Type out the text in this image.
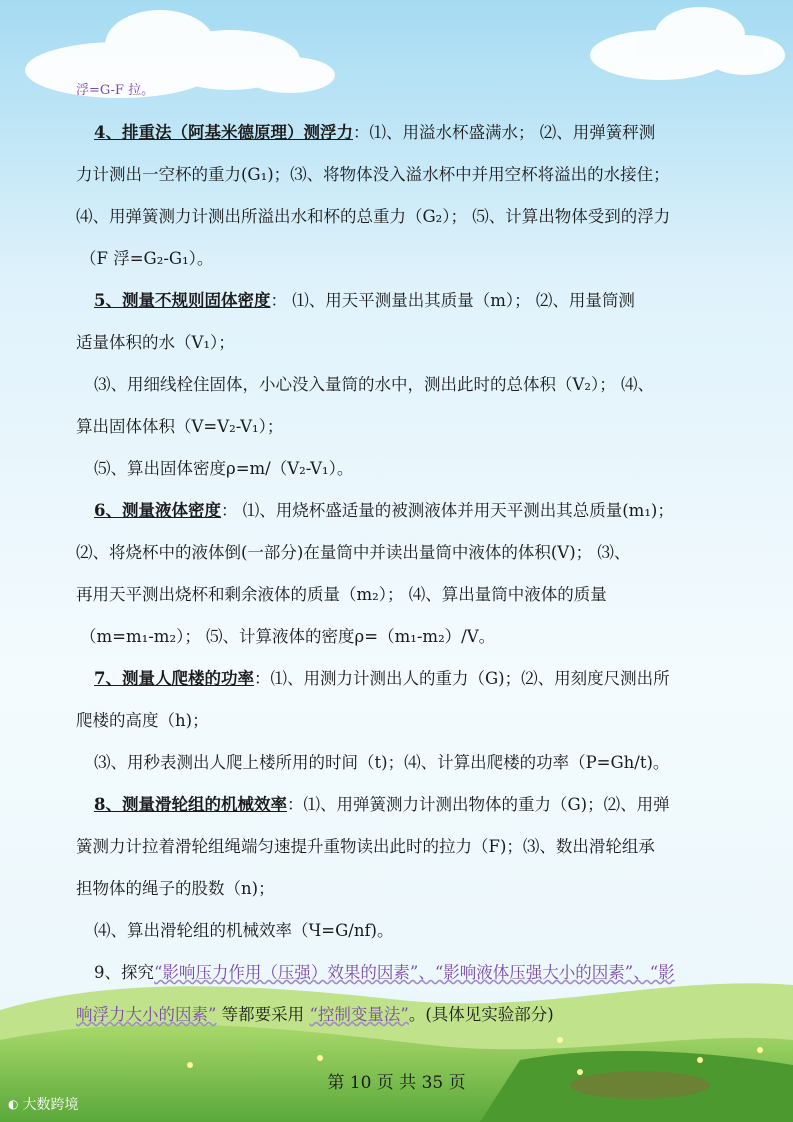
浮=G-F 拉。
4、排重法（阿基米德原理）测浮力：⑴、用溢水杯盛满水； ⑵、用弹簧秤测
力计测出一空杯的重力(G₁)；⑶、将物体没入溢水杯中并用空杯将溢出的水接住；
⑷、用弹簧测力计测出所溢出水和杯的总重力（G₂）； ⑸、计算出物体受到的浮力
（F 浮=G₂-G₁）。
5、测量不规则固体密度： ⑴、用天平测量出其质量（m）； ⑵、用量筒测
适量体积的水（V₁）；
⑶、用细线栓住固体，小心没入量筒的水中，测出此时的总体积（V₂）； ⑷、
算出固体体积（V=V₂-V₁）；
⑸、算出固体密度ρ=m/（V₂-V₁）。
6、测量液体密度： ⑴、用烧杯盛适量的被测液体并用天平测出其总质量(m₁)；
⑵、将烧杯中的液体倒(一部分)在量筒中并读出量筒中液体的体积(V)； ⑶、
再用天平测出烧杯和剩余液体的质量（m₂）； ⑷、算出量筒中液体的质量
（m=m₁-m₂）； ⑸、计算液体的密度ρ=（m₁-m₂）/V。
7、测量人爬楼的功率：⑴、用测力计测出人的重力（G)；⑵、用刻度尺测出所
爬楼的高度（h)；
⑶、用秒表测出人爬上楼所用的时间（t)；⑷、计算出爬楼的功率（P=Gh/t)。
8、测量滑轮组的机械效率：⑴、用弹簧测力计测出物体的重力（G)；⑵、用弹
簧测力计拉着滑轮组绳端匀速提升重物读出此时的拉力（F)；⑶、数出滑轮组承
担物体的绳子的股数（n)；
⑷、算出滑轮组的机械效率（Ч=G/nf)。
9、探究“影响压力作用（压强）效果的因素”、“影响液体压强大小的因素”、“影
响浮力大小的因素” 等都要采用 “控制变量法”。(具体见实验部分)
第 10 页 共 35 页
◐ 大数跨境
